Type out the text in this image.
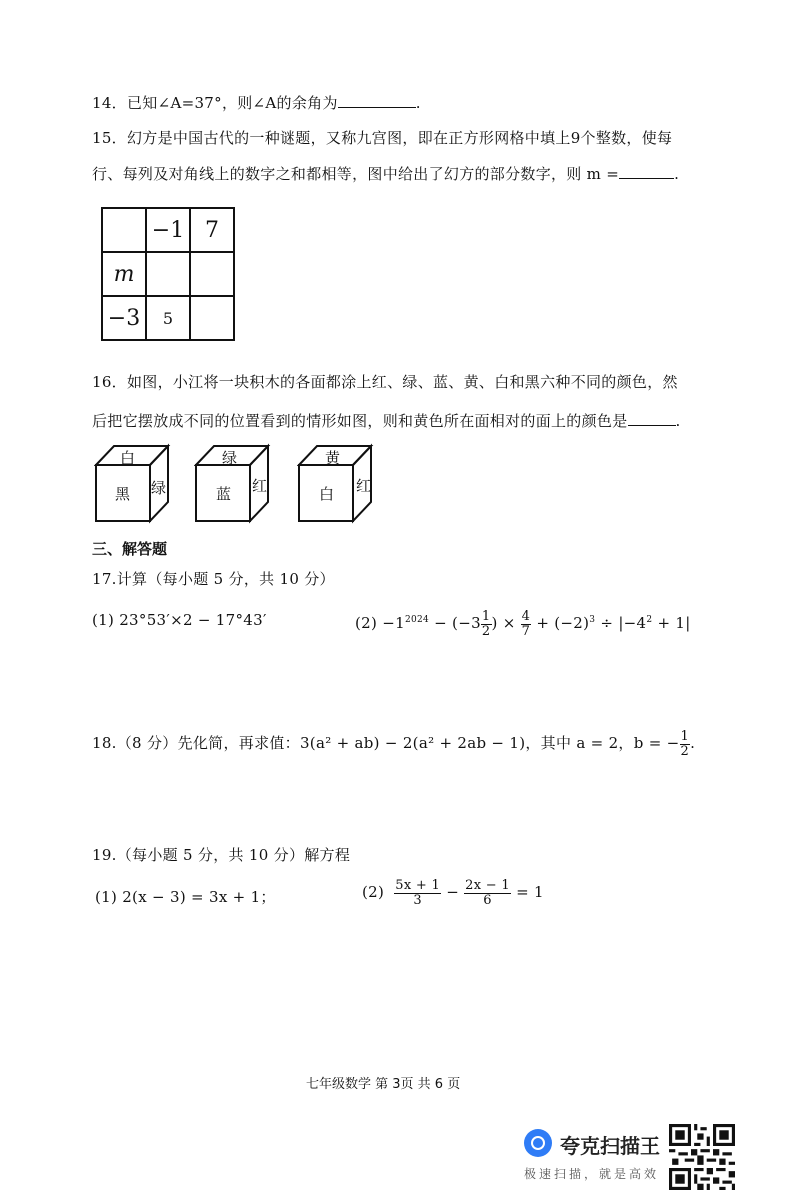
14．已知∠A=37°，则∠A的余角为	.
15．幻方是中国古代的一种谜题，又称九宫图，即在正方形网格中填上9个整数，使每
行、每列及对角线上的数字之和都相等，图中给出了幻方的部分数字，则 m =	.
	−1	7
m		
−3	5	
16．如图，小江将一块积木的各面都涂上红、绿、蓝、黄、白和黑六种不同的颜色，然
后把它摆放成不同的位置看到的情形如图，则和黄色所在面相对的面上的颜色是	.
白
黑 绿
绿
蓝 红
黄
白 红
三、解答题
17.计算（每小题 5 分，共 10 分）
(1) 23°53′×2 − 17°43′	$(2) -1^{2024} - (-3 \frac{1}{2}$ ) × $\frac{4}{7} + (-2)^3 \div |-4^2 + 1|$
18.（8 分）先化简，再求值：3(a² + ab) − 2(a² + 2ab − 1)，其中 a = 2，b = − $\frac{1}{2}$ .
19.（每小题 5 分，共 10 分）解方程
(1) 2(x − 3) = 3x + 1；	$(2) \frac{5x + 1}{3} - \frac{2x - 1}{6} = 1$
七年级数学 第 3页 共 6 页
夸克扫描王
极速扫描，就是高效
